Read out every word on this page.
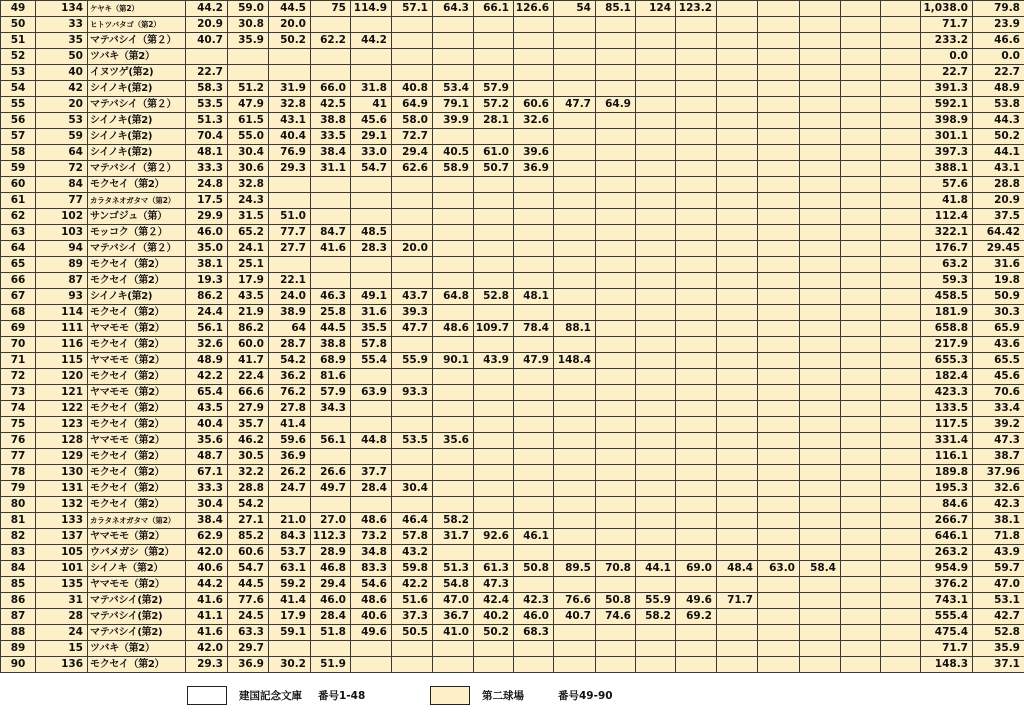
49	134	ケヤキ（第2）	44.2	59.0	44.5	75	114.9	57.1	64.3	66.1	126.6	54	85.1	124	123.2						1,038.0	79.8
50	33	ヒトツバタゴ（第2）	20.9	30.8	20.0																71.7	23.9
51	35	マテバシイ（第２）	40.7	35.9	50.2	62.2	44.2														233.2	46.6
52	50	ツバキ（第2）																			0.0	0.0
53	40	イヌツゲ(第2)	22.7																		22.7	22.7
54	42	シイノキ(第2)	58.3	51.2	31.9	66.0	31.8	40.8	53.4	57.9											391.3	48.9
55	20	マテバシイ（第２）	53.5	47.9	32.8	42.5	41	64.9	79.1	57.2	60.6	47.7	64.9								592.1	53.8
56	53	シイノキ(第2)	51.3	61.5	43.1	38.8	45.6	58.0	39.9	28.1	32.6										398.9	44.3
57	59	シイノキ(第2)	70.4	55.0	40.4	33.5	29.1	72.7													301.1	50.2
58	64	シイノキ(第2)	48.1	30.4	76.9	38.4	33.0	29.4	40.5	61.0	39.6										397.3	44.1
59	72	マテバシイ（第２）	33.3	30.6	29.3	31.1	54.7	62.6	58.9	50.7	36.9										388.1	43.1
60	84	モクセイ（第2）	24.8	32.8																	57.6	28.8
61	77	カラタネオガタマ（第2）	17.5	24.3																	41.8	20.9
62	102	サンゴジュ（第）	29.9	31.5	51.0																112.4	37.5
63	103	モッコク（第２）	46.0	65.2	77.7	84.7	48.5														322.1	64.42
64	94	マテバシイ（第２）	35.0	24.1	27.7	41.6	28.3	20.0													176.7	29.45
65	89	モクセイ（第2）	38.1	25.1																	63.2	31.6
66	87	モクセイ（第2）	19.3	17.9	22.1																59.3	19.8
67	93	シイノキ(第2)	86.2	43.5	24.0	46.3	49.1	43.7	64.8	52.8	48.1										458.5	50.9
68	114	モクセイ（第2）	24.4	21.9	38.9	25.8	31.6	39.3													181.9	30.3
69	111	ヤマモモ（第2）	56.1	86.2	64	44.5	35.5	47.7	48.6	109.7	78.4	88.1									658.8	65.9
70	116	モクセイ（第2）	32.6	60.0	28.7	38.8	57.8														217.9	43.6
71	115	ヤマモモ（第2）	48.9	41.7	54.2	68.9	55.4	55.9	90.1	43.9	47.9	148.4									655.3	65.5
72	120	モクセイ（第2）	42.2	22.4	36.2	81.6															182.4	45.6
73	121	ヤマモモ（第2）	65.4	66.6	76.2	57.9	63.9	93.3													423.3	70.6
74	122	モクセイ（第2）	43.5	27.9	27.8	34.3															133.5	33.4
75	123	モクセイ（第2）	40.4	35.7	41.4																117.5	39.2
76	128	ヤマモモ（第2）	35.6	46.2	59.6	56.1	44.8	53.5	35.6												331.4	47.3
77	129	モクセイ（第2）	48.7	30.5	36.9																116.1	38.7
78	130	モクセイ（第2）	67.1	32.2	26.2	26.6	37.7														189.8	37.96
79	131	モクセイ（第2）	33.3	28.8	24.7	49.7	28.4	30.4													195.3	32.6
80	132	モクセイ（第2）	30.4	54.2																	84.6	42.3
81	133	カラタネオガタマ（第2）	38.4	27.1	21.0	27.0	48.6	46.4	58.2												266.7	38.1
82	137	ヤマモモ（第2）	62.9	85.2	84.3	112.3	73.2	57.8	31.7	92.6	46.1										646.1	71.8
83	105	ウバメガシ（第2）	42.0	60.6	53.7	28.9	34.8	43.2													263.2	43.9
84	101	シイノキ（第2）	40.6	54.7	63.1	46.8	83.3	59.8	51.3	61.3	50.8	89.5	70.8	44.1	69.0	48.4	63.0	58.4			954.9	59.7
85	135	ヤマモモ（第2）	44.2	44.5	59.2	29.4	54.6	42.2	54.8	47.3											376.2	47.0
86	31	マテバシイ(第2)	41.6	77.6	41.4	46.0	48.6	51.6	47.0	42.4	42.3	76.6	50.8	55.9	49.6	71.7					743.1	53.1
87	28	マテバシイ(第2)	41.1	24.5	17.9	28.4	40.6	37.3	36.7	40.2	46.0	40.7	74.6	58.2	69.2						555.4	42.7
88	24	マテバシイ(第2)	41.6	63.3	59.1	51.8	49.6	50.5	41.0	50.2	68.3										475.4	52.8
89	15	ツバキ（第2）	42.0	29.7																	71.7	35.9
90	136	モクセイ（第2）	29.3	36.9	30.2	51.9															148.3	37.1
建国記念文庫 番号1-48	第二球場	番号49-90
